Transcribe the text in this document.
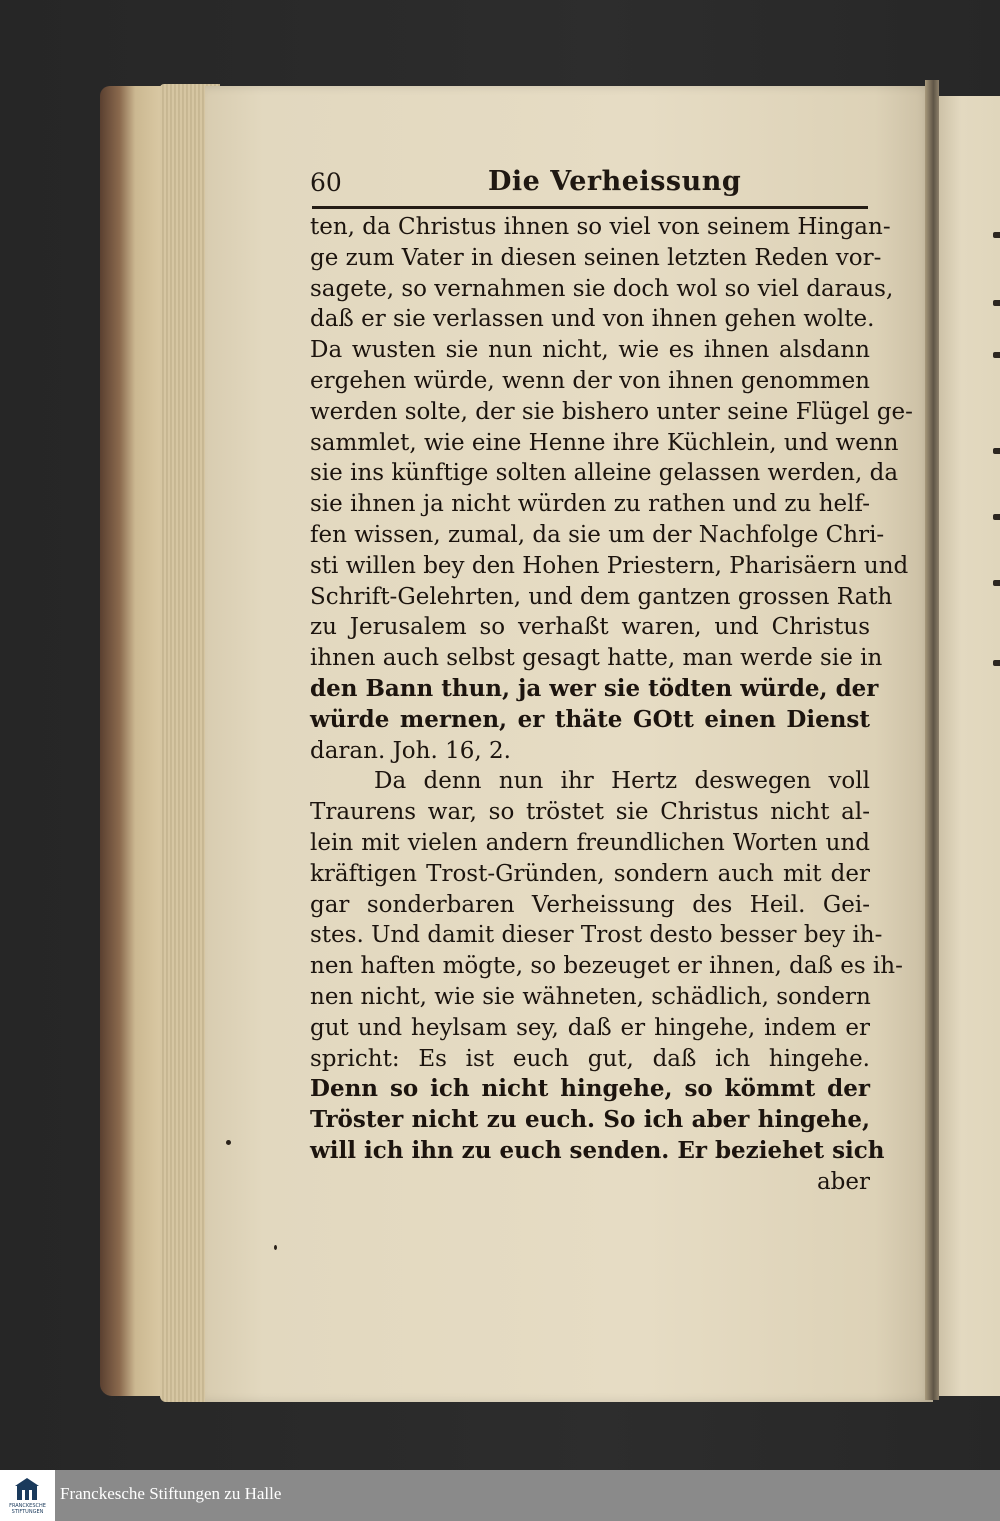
60	Die Verheissung
ten, da Christus ihnen so viel von seinem Hingan-
ge zum Vater in diesen seinen letzten Reden vor-
sagete, so vernahmen sie doch wol so viel daraus,
daß er sie verlassen und von ihnen gehen wolte.
Da wusten sie nun nicht, wie es ihnen alsdann
ergehen würde, wenn der von ihnen genommen
werden solte, der sie bishero unter seine Flügel ge-
sammlet, wie eine Henne ihre Küchlein, und wenn
sie ins künftige solten alleine gelassen werden, da
sie ihnen ja nicht würden zu rathen und zu helf-
fen wissen, zumal, da sie um der Nachfolge Chri-
sti willen bey den Hohen Priestern, Pharisäern und
Schrift-Gelehrten, und dem gantzen grossen Rath
zu Jerusalem so verhaßt waren, und Christus
ihnen auch selbst gesagt hatte, man werde sie in
den Bann thun, ja wer sie tödten würde, der
würde mernen, er thäte GOtt einen Dienst
daran. Joh. 16, 2.
Da denn nun ihr Hertz deswegen voll
Traurens war, so tröstet sie Christus nicht al-
lein mit vielen andern freundlichen Worten und
kräftigen Trost-Gründen, sondern auch mit der
gar sonderbaren Verheissung des Heil. Gei-
stes. Und damit dieser Trost desto besser bey ih-
nen haften mögte, so bezeuget er ihnen, daß es ih-
nen nicht, wie sie wähneten, schädlich, sondern
gut und heylsam sey, daß er hingehe, indem er
spricht: Es ist euch gut, daß ich hingehe.
Denn so ich nicht hingehe, so kömmt der
Tröster nicht zu euch. So ich aber hingehe,
will ich ihn zu euch senden. Er beziehet sich
aber
FRANCKESCHE
STIFTUNGEN
Franckesche Stiftungen zu Halle
